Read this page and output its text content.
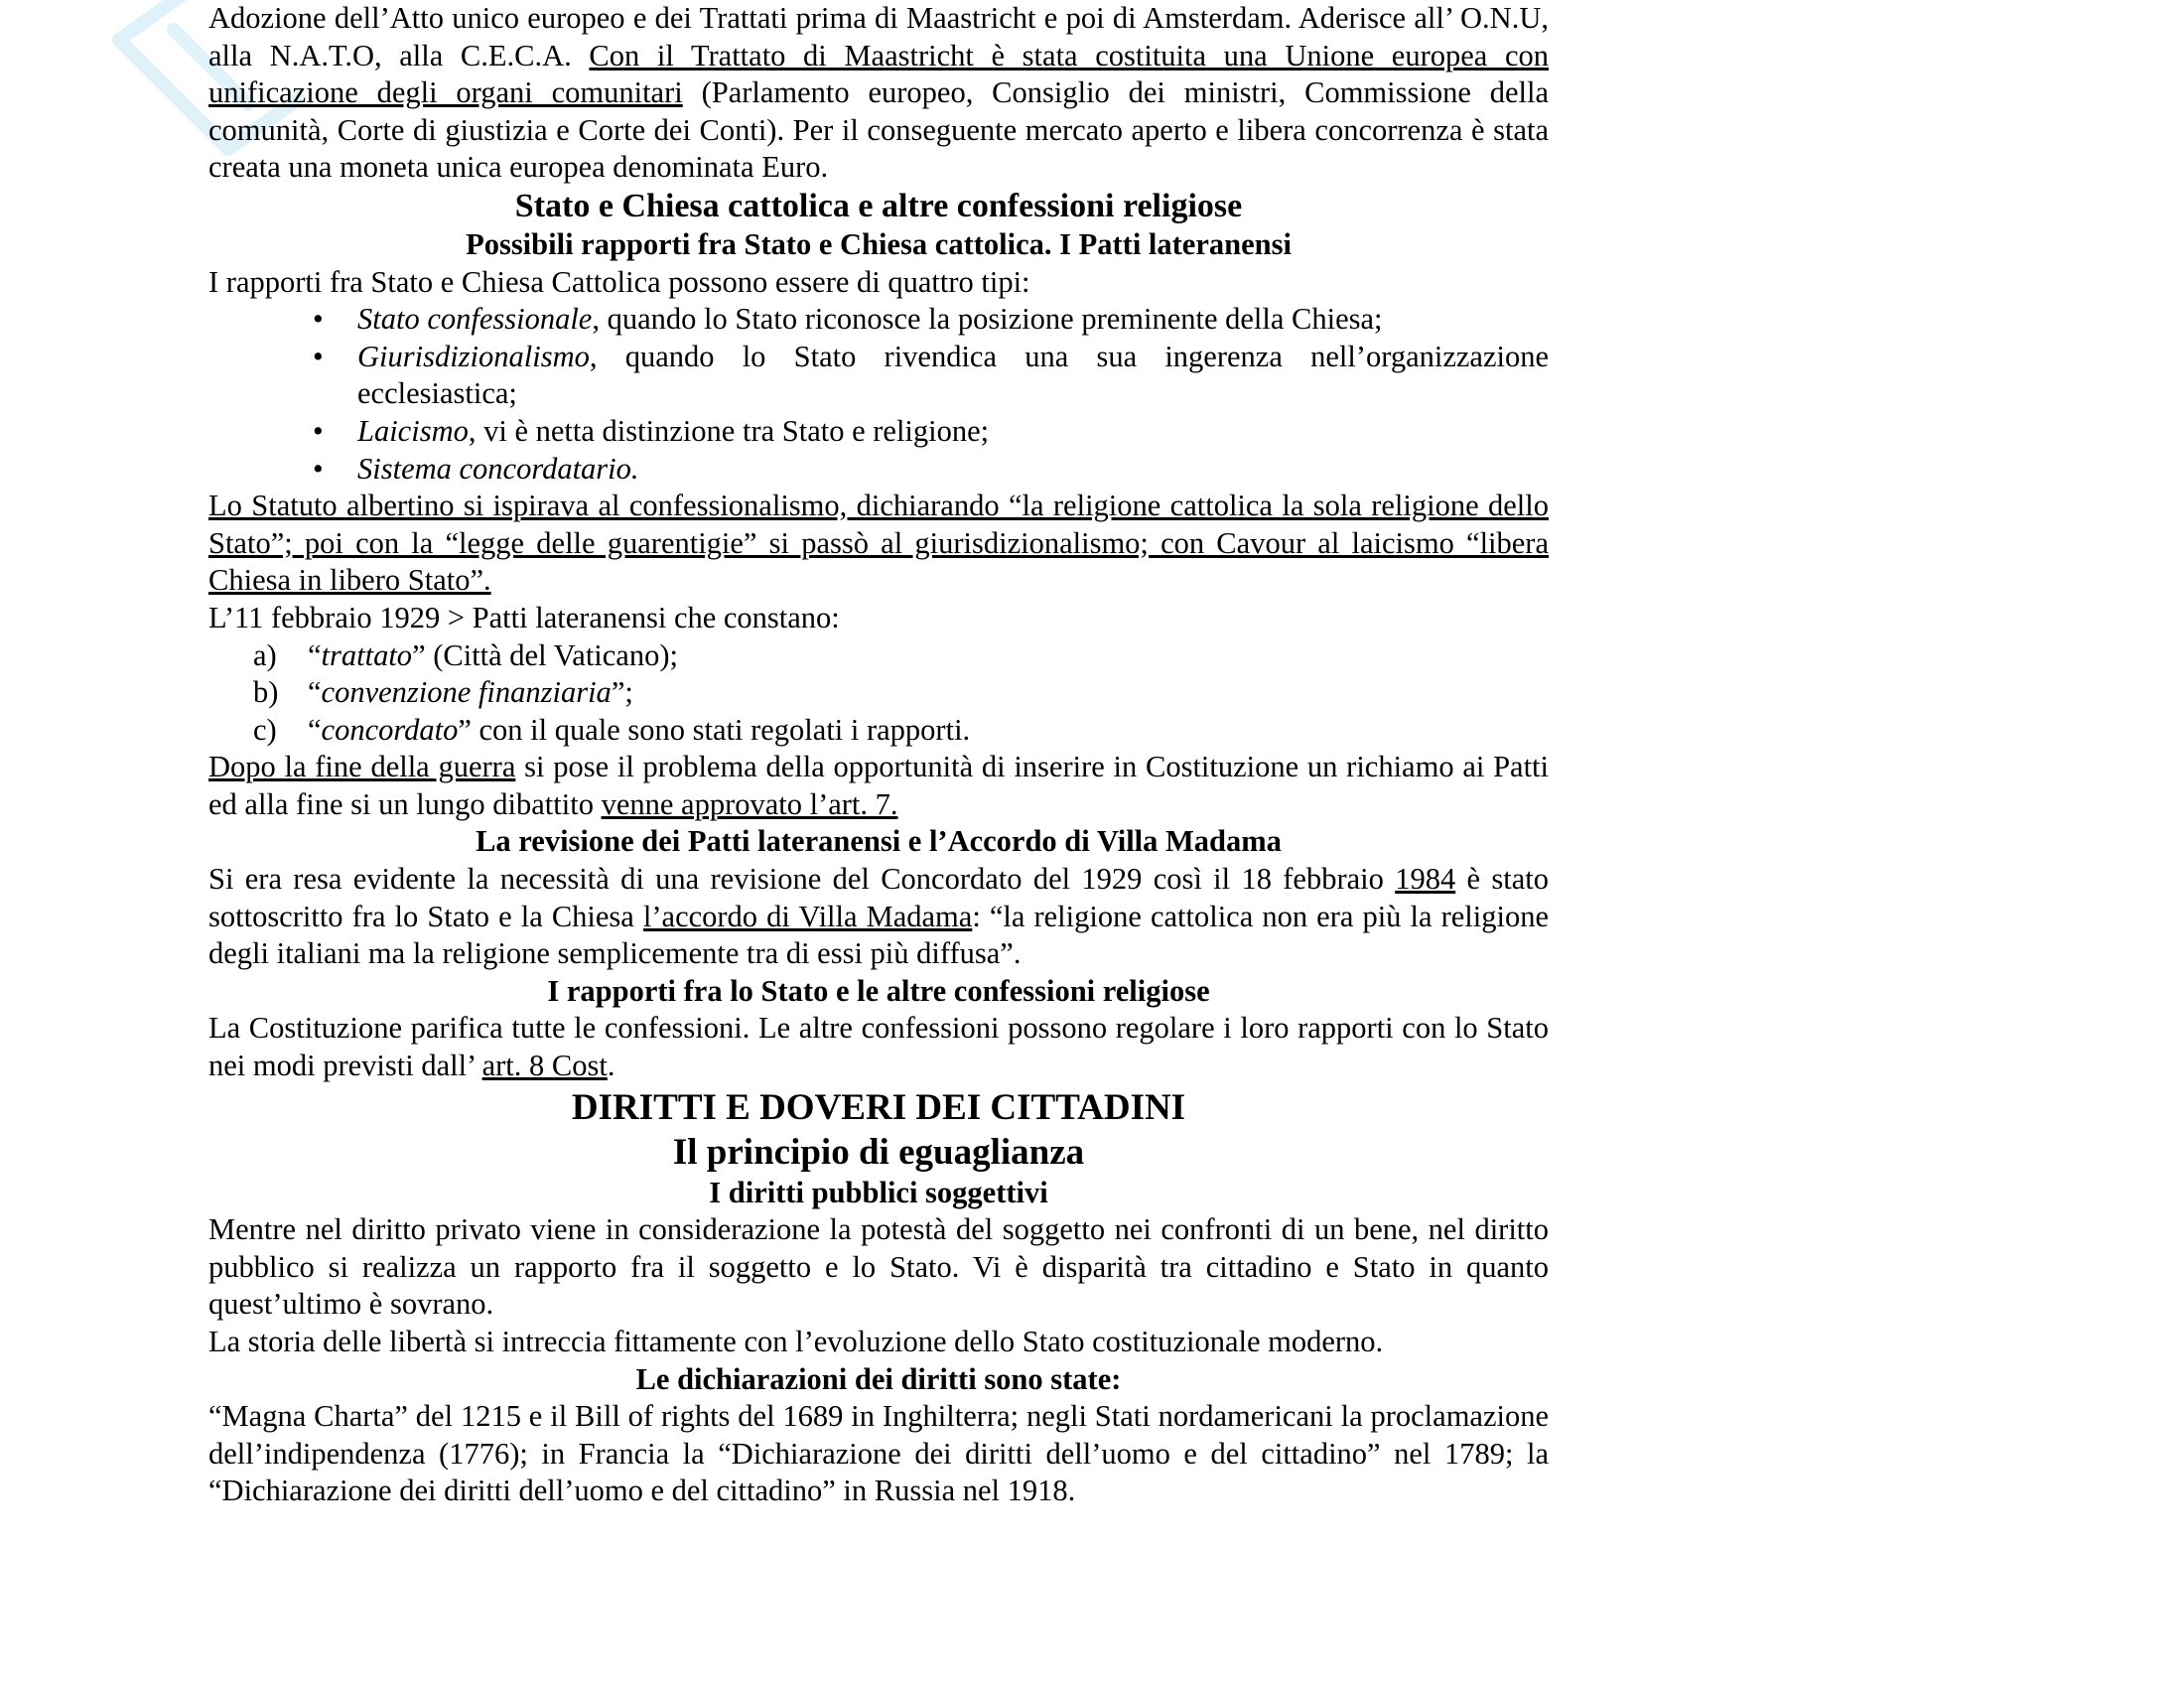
Adozione dell’Atto unico europeo e dei Trattati prima di Maastricht e poi di Amsterdam. Aderisce all’ O.N.U, alla N.A.T.O, alla C.E.C.A. Con il Trattato di Maastricht è stata costituita una Unione europea con unificazione degli organi comunitari (Parlamento europeo, Consiglio dei ministri, Commissione della comunità, Corte di giustizia e Corte dei Conti). Per il conseguente mercato aperto e libera concorrenza è stata creata una moneta unica europea denominata Euro.

Stato e Chiesa cattolica e altre confessioni religiose
Possibili rapporti fra Stato e Chiesa cattolica. I Patti lateranensi

I rapporti fra Stato e Chiesa Cattolica possono essere di quattro tipi:

• Stato confessionale, quando lo Stato riconosce la posizione preminente della Chiesa;
• Giurisdizionalismo, quando lo Stato rivendica una sua ingerenza nell’organizzazione ecclesiastica;
• Laicismo, vi è netta distinzione tra Stato e religione;
• Sistema concordatario.

Lo Statuto albertino si ispirava al confessionalismo, dichiarando “la religione cattolica la sola religione dello Stato”; poi con la “legge delle guarentigie” si passò al giurisdizionalismo; con Cavour al laicismo “libera Chiesa in libero Stato”.

L’11 febbraio 1929 > Patti lateranensi che constano:

a) “trattato” (Città del Vaticano);
b) “convenzione finanziaria”;
c) “concordato” con il quale sono stati regolati i rapporti.

Dopo la fine della guerra si pose il problema della opportunità di inserire in Costituzione un richiamo ai Patti ed alla fine si un lungo dibattito venne approvato l’art. 7.

La revisione dei Patti lateranensi e l’Accordo di Villa Madama

Si era resa evidente la necessità di una revisione del Concordato del 1929 così il 18 febbraio 1984 è stato sottoscritto fra lo Stato e la Chiesa l’accordo di Villa Madama: “la religione cattolica non era più la religione degli italiani ma la religione semplicemente tra di essi più diffusa”.

I rapporti fra lo Stato e le altre confessioni religiose

La Costituzione parifica tutte le confessioni. Le altre confessioni possono regolare i loro rapporti con lo Stato nei modi previsti dall’ art. 8 Cost.

DIRITTI E DOVERI DEI CITTADINI
Il principio di eguaglianza
I diritti pubblici soggettivi

Mentre nel diritto privato viene in considerazione la potestà del soggetto nei confronti di un bene, nel diritto pubblico si realizza un rapporto fra il soggetto e lo Stato. Vi è disparità tra cittadino e Stato in quanto quest’ultimo è sovrano.

La storia delle libertà si intreccia fittamente con l’evoluzione dello Stato costituzionale moderno.

Le dichiarazioni dei diritti sono state:

“Magna Charta” del 1215 e il Bill of rights del 1689 in Inghilterra; negli Stati nordamericani la proclamazione dell’indipendenza (1776); in Francia la “Dichiarazione dei diritti dell’uomo e del cittadino” nel 1789; la “Dichiarazione dei diritti dell’uomo e del cittadino” in Russia nel 1918.
